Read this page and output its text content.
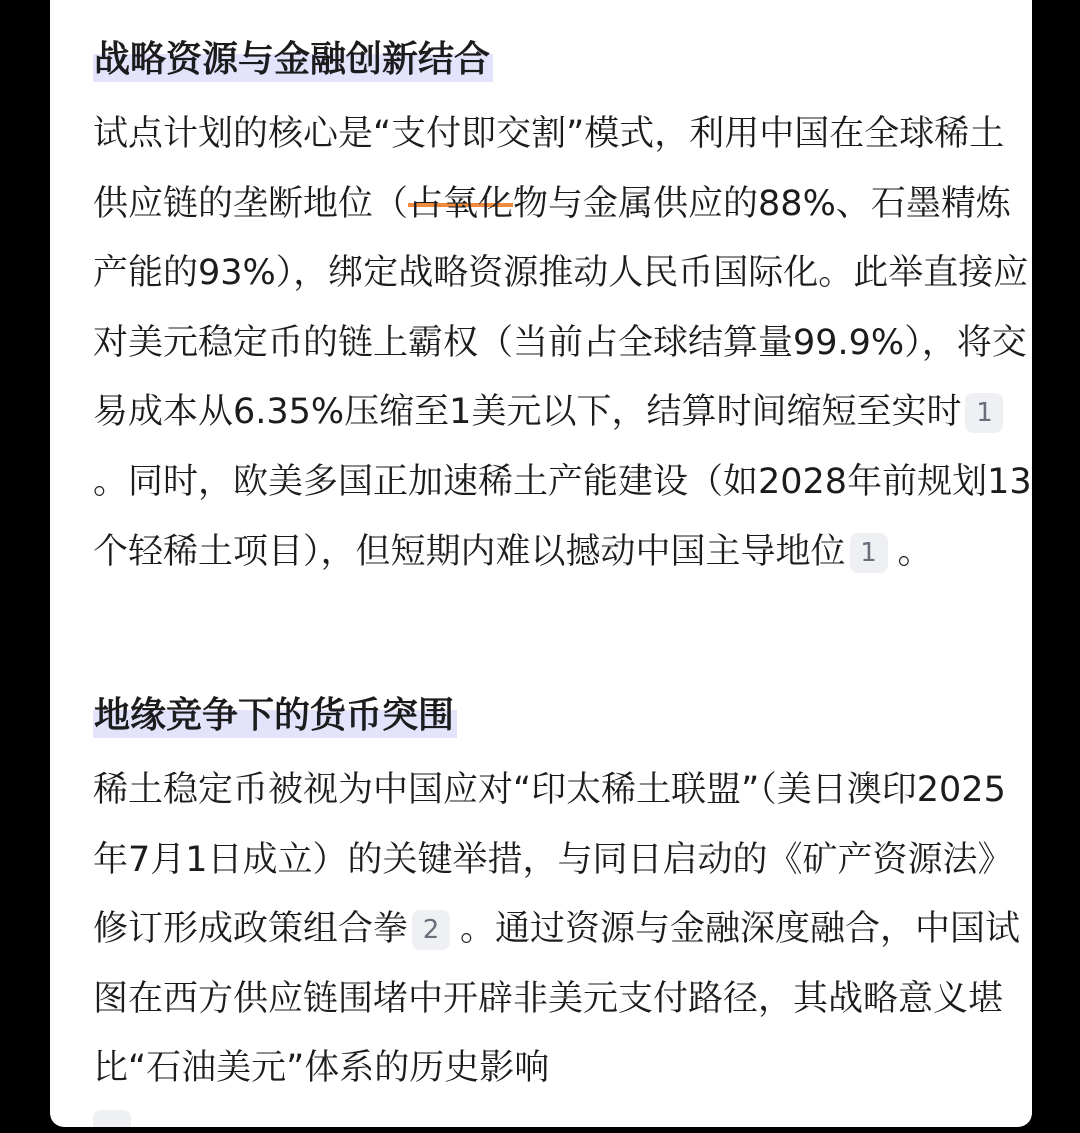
战略资源与金融创新结合

试点计划的核心是“支付即交割”模式，利用中国在全球稀土供应链的垄断地位（占氧化物与金属供应的88%、石墨精炼产能的93%），绑定战略资源推动人民币国际化。此举直接应对美元稳定币的链上霸权（当前占全球结算量99.9%），将交易成本从6.35%压缩至1美元以下，结算时间缩短至实时 1。同时，欧美多国正加速稀土产能建设（如2028年前规划13个轻稀土项目），但短期内难以撼动中国主导地位 1 。

地缘竞争下的货币突围

稀土稳定币被视为中国应对“印太稀土联盟”（美日澳印2025年7月1日成立）的关键举措，与同日启动的《矿产资源法》修订形成政策组合拳 2 。通过资源与金融深度融合，中国试图在西方供应链围堵中开辟非美元支付路径，其战略意义堪比“石油美元”体系的历史影响
